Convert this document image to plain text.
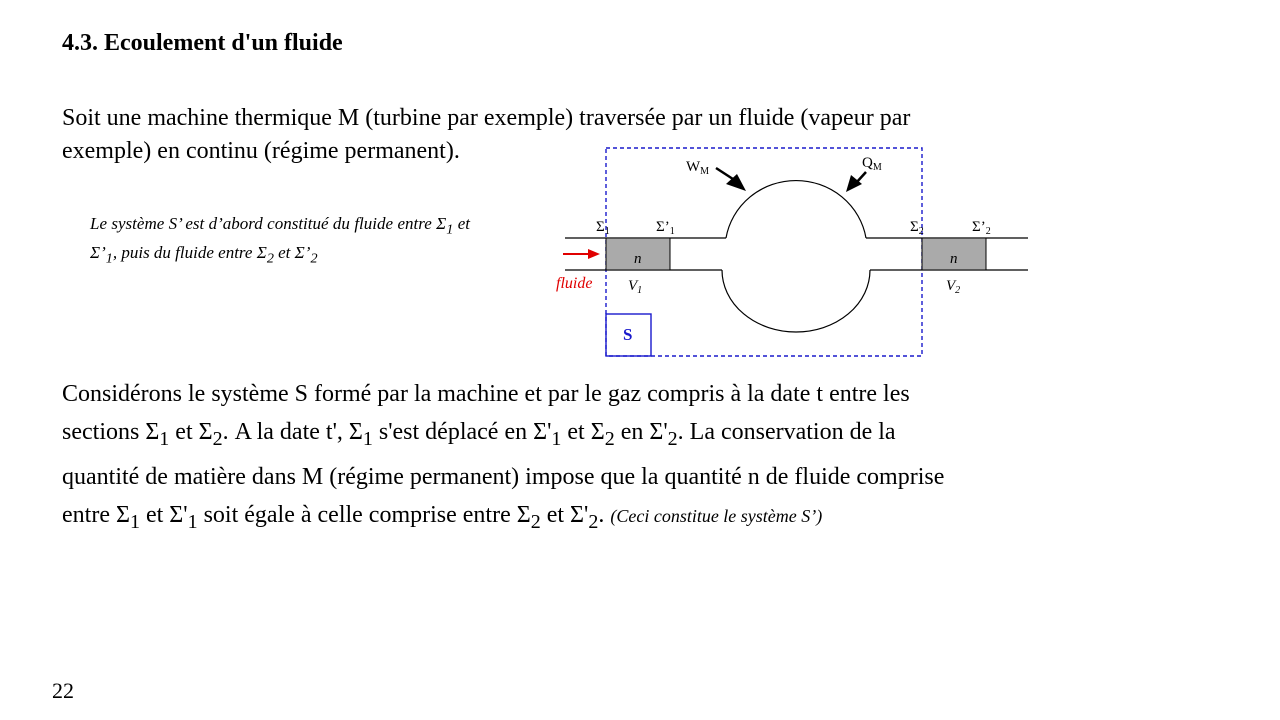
4.3. Ecoulement d'un fluide
Soit une machine thermique M (turbine par exemple) traversée par un fluide (vapeur par
exemple) en continu (régime permanent).
Le système S’ est d’abord constitué du fluide entre $\Sigma_1$ et $\Sigma’_1$, puis du fluide entre $\Sigma_2$ et $\Sigma’_2$
S
n	n
$V_1$	$V_2$
$\Sigma_1$	$\Sigma’_1$	$\Sigma_2$	$\Sigma’_2$
$W_M$
$Q_M$
fluide
Considérons le système S formé par la machine et par le gaz compris à la date t entre les
sections $\Sigma_1$ et $\Sigma_2$. A la date t', $\Sigma_1$ s'est déplacé en $\Sigma'_1$ et $\Sigma_2$ en $\Sigma'_2$. La conservation de la
quantité de matière dans M (régime permanent) impose que la quantité n de fluide comprise
entre $\Sigma_1$ et $\Sigma'_1$ soit égale à celle comprise entre $\Sigma_2$ et $\Sigma'_2$. (Ceci constitue le système S’)
22
